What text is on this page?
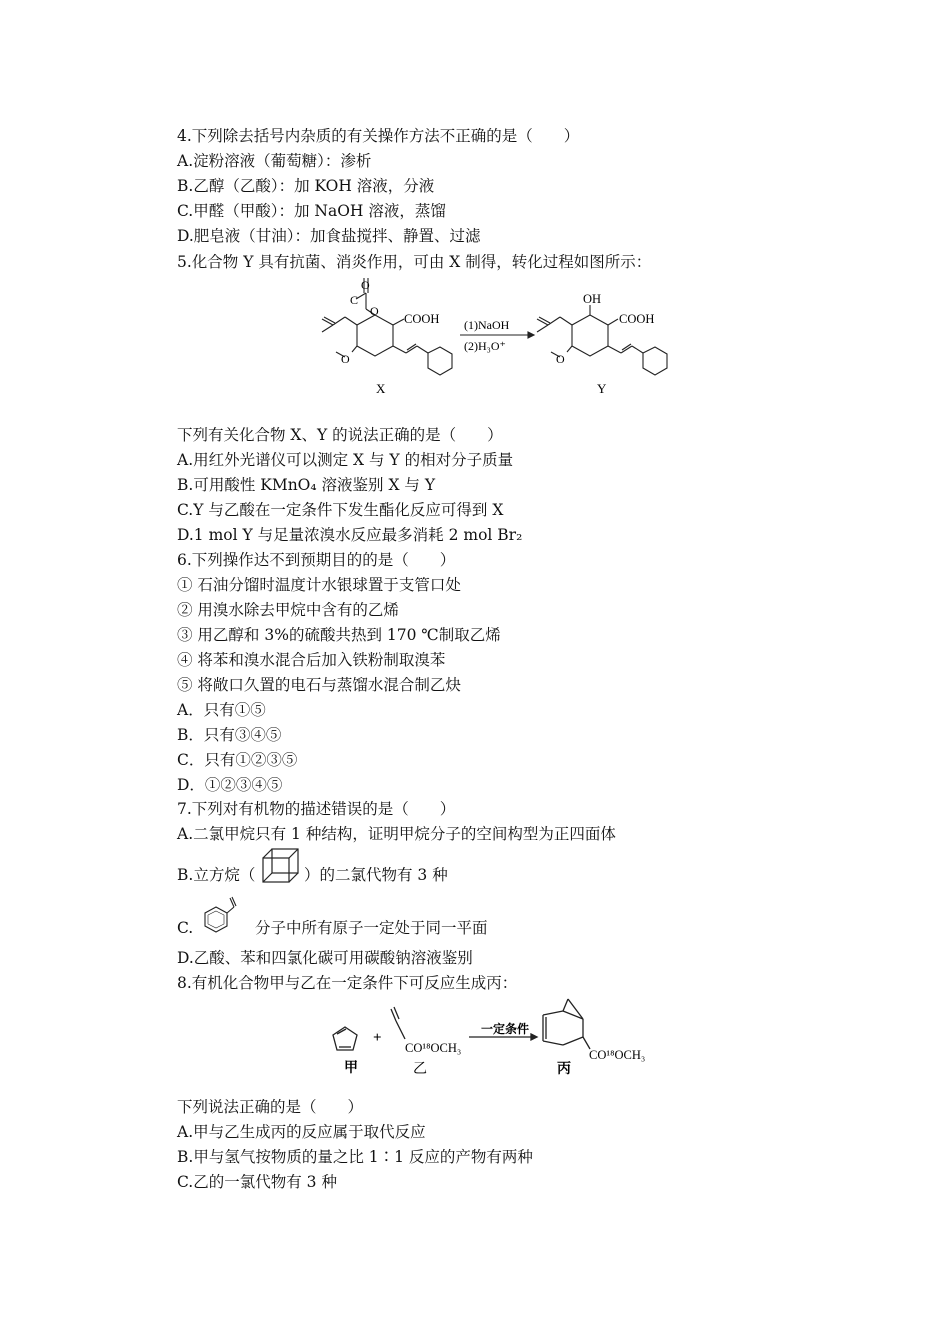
4.下列除去括号内杂质的有关操作方法不正确的是（　　）
A.淀粉溶液（葡萄糖）：渗析
B.乙醇（乙酸）：加 KOH 溶液，分液
C.甲醛（甲酸）：加 NaOH 溶液，蒸馏
D.肥皂液（甘油）：加食盐搅拌、静置、过滤
5.化合物 Y 具有抗菌、消炎作用，可由 X 制得，转化过程如图所示：
O
C
O
COOH
O
X
(1)NaOH
(2)H₃O⁺
OH
COOH
O
Y
下列有关化合物 X、Y 的说法正确的是（　　）
A.用红外光谱仪可以测定 X 与 Y 的相对分子质量
B.可用酸性 KMnO₄ 溶液鉴别 X 与 Y
C.Y 与乙酸在一定条件下发生酯化反应可得到 X
D.1 mol Y 与足量浓溴水反应最多消耗 2 mol Br₂
6.下列操作达不到预期目的的是（　　）
① 石油分馏时温度计水银球置于支管口处
② 用溴水除去甲烷中含有的乙烯
③ 用乙醇和 3%的硫酸共热到 170 ℃制取乙烯
④ 将苯和溴水混合后加入铁粉制取溴苯
⑤ 将敞口久置的电石与蒸馏水混合制乙炔
A．只有①⑤
B．只有③④⑤
C．只有①②③⑤
D．①②③④⑤
7.下列对有机物的描述错误的是（　　）
A.二氯甲烷只有 1 种结构，证明甲烷分子的空间构型为正四面体
B.立方烷（	）的二氯代物有 3 种
C.	分子中所有原子一定处于同一平面
D.乙酸、苯和四氯化碳可用碳酸钠溶液鉴别
8.有机化合物甲与乙在一定条件下可反应生成丙：
+
CO¹⁸OCH₃
一定条件
CO¹⁸OCH₃
甲	乙	丙
下列说法正确的是（　　）
A.甲与乙生成丙的反应属于取代反应
B.甲与氢气按物质的量之比 1∶1 反应的产物有两种
C.乙的一氯代物有 3 种
